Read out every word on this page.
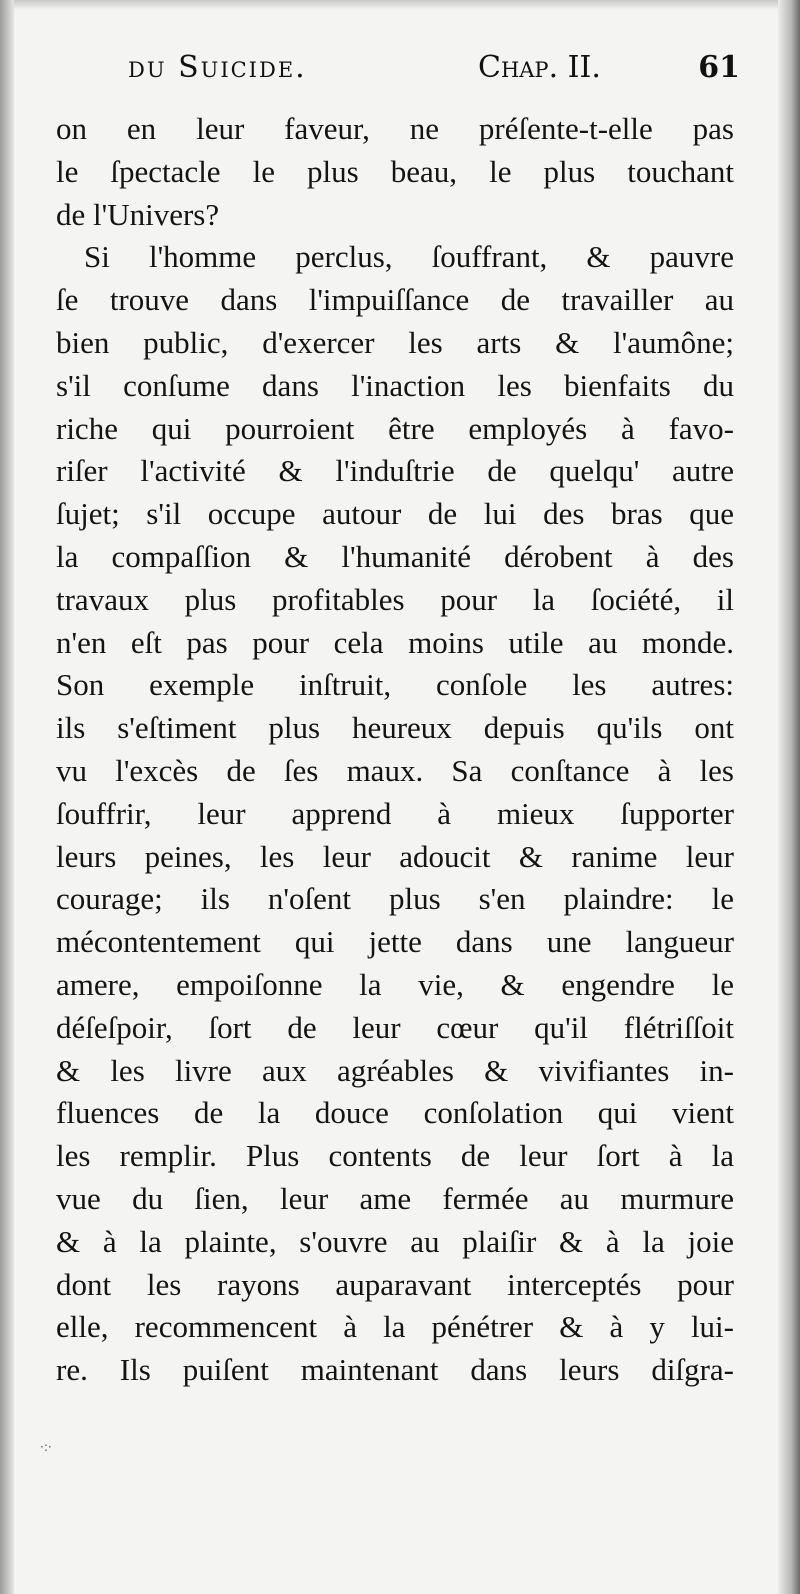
du Suicide.	Chap. II.	61
on en leur faveur, ne préſente-t-elle pas
le ſpectacle le plus beau, le plus touchant
de l'Univers?
Si l'homme perclus, ſouffrant, & pauvre
ſe trouve dans l'impuiſſance de travailler au
bien public, d'exercer les arts & l'aumône;
s'il conſume dans l'inaction les bienfaits du
riche qui pourroient être employés à favo-
riſer l'activité & l'induſtrie de quelqu' autre
ſujet; s'il occupe autour de lui des bras que
la compaſſion & l'humanité dérobent à des
travaux plus profitables pour la ſociété, il
n'en eſt pas pour cela moins utile au monde.
Son exemple inſtruit, conſole les autres:
ils s'eſtiment plus heureux depuis qu'ils ont
vu l'excès de ſes maux. Sa conſtance à les
ſouffrir, leur apprend à mieux ſupporter
leurs peines, les leur adoucit & ranime leur
courage; ils n'oſent plus s'en plaindre: le
mécontentement qui jette dans une langueur
amere, empoiſonne la vie, & engendre le
déſeſpoir, ſort de leur cœur qu'il flétriſſoit
& les livre aux agréables & vivifiantes in-
fluences de la douce conſolation qui vient
les remplir. Plus contents de leur ſort à la
vue du ſien, leur ame fermée au murmure
& à la plainte, s'ouvre au plaiſir & à la joie
dont les rayons auparavant interceptés pour
elle, recommencent à la pénétrer & à y lui-
re. Ils puiſent maintenant dans leurs diſgra-
·:·
